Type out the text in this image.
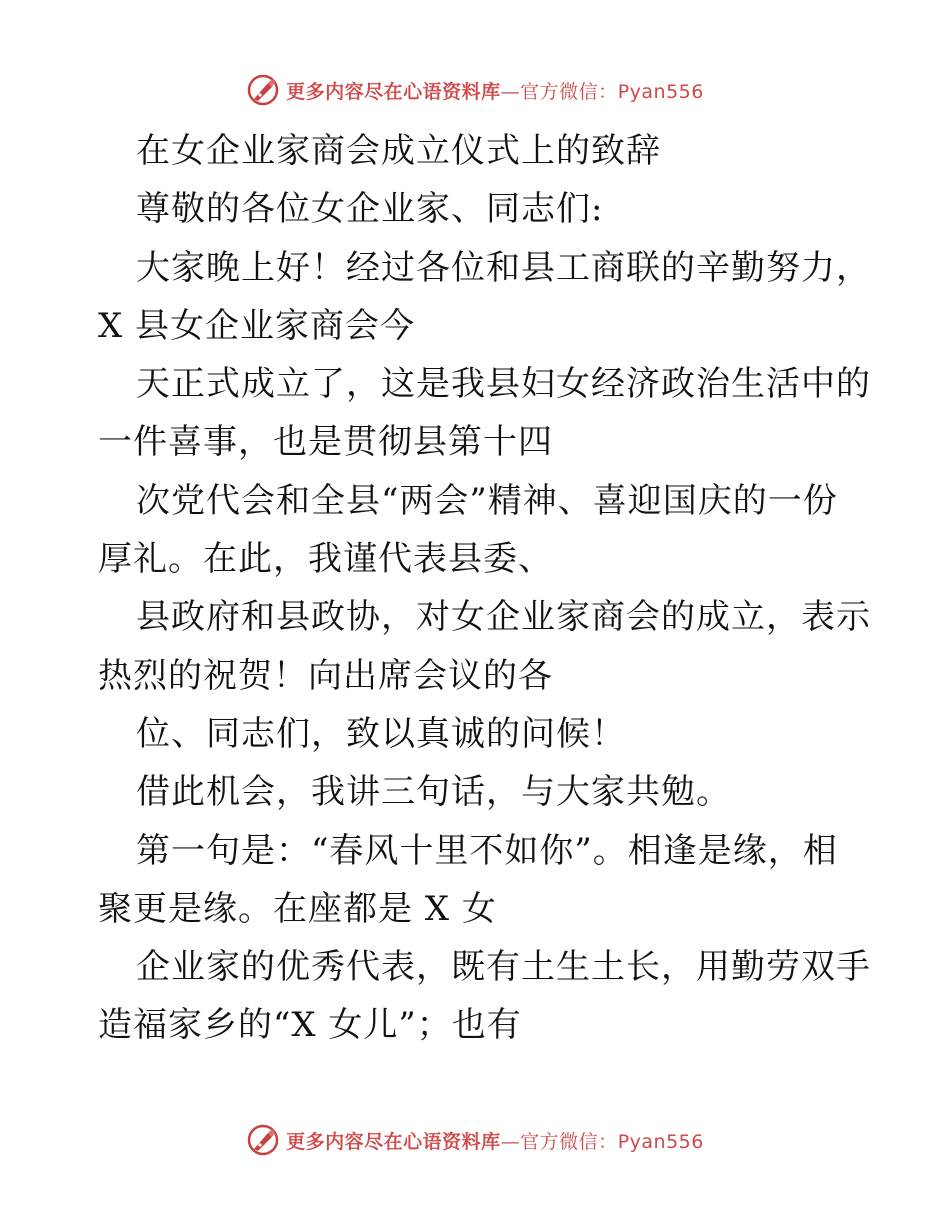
更多内容尽在心语资料库—官方微信：Pyan556
在女企业家商会成立仪式上的致辞
尊敬的各位女企业家、同志们:
大家晚上好！经过各位和县工商联的辛勤努力，
X 县女企业家商会今
天正式成立了，这是我县妇女经济政治生活中的
一件喜事，也是贯彻县第十四
次党代会和全县“两会”精神、喜迎国庆的一份
厚礼。在此，我谨代表县委、
县政府和县政协，对女企业家商会的成立，表示
热烈的祝贺！向出席会议的各
位、同志们，致以真诚的问候！
借此机会，我讲三句话，与大家共勉。
第一句是：“春风十里不如你”。相逢是缘，相
聚更是缘。在座都是 X 女
企业家的优秀代表，既有土生土长，用勤劳双手
造福家乡的“X 女儿”；也有
更多内容尽在心语资料库—官方微信：Pyan556
